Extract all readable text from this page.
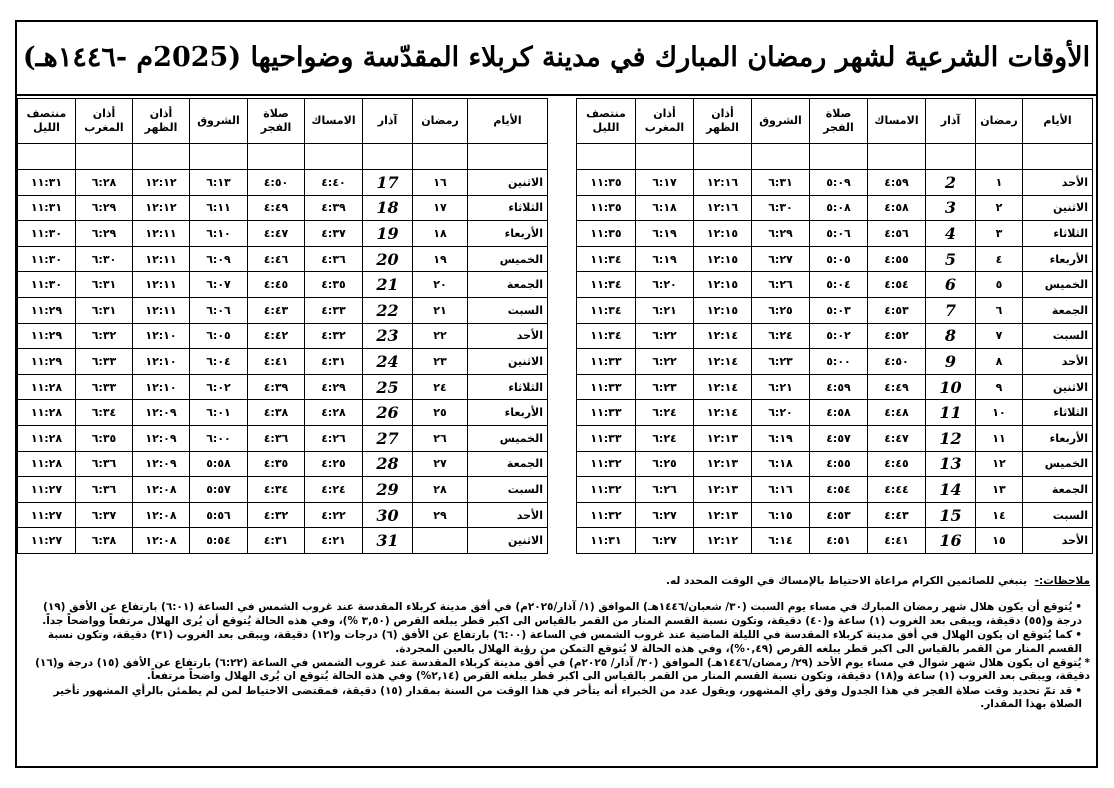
الأوقات الشرعية لشهر رمضان المبارك في مدينة كربلاء المقدّسة وضواحيها (2025م -١٤٤٦هـ)
الأيام	رمضان	آذار	الامساك	صلاة الفجر	الشروق	أذان الظهر	أذان المغرب	منتصف الليل

الأحد	١	2	٤:٥٩	٥:٠٩	٦:٣١	١٢:١٦	٦:١٧	١١:٣٥
الاثنين	٢	3	٤:٥٨	٥:٠٨	٦:٣٠	١٢:١٦	٦:١٨	١١:٣٥
الثلاثاء	٣	4	٤:٥٦	٥:٠٦	٦:٢٩	١٢:١٥	٦:١٩	١١:٣٥
الأربعاء	٤	5	٤:٥٥	٥:٠٥	٦:٢٧	١٢:١٥	٦:١٩	١١:٣٤
الخميس	٥	6	٤:٥٤	٥:٠٤	٦:٢٦	١٢:١٥	٦:٢٠	١١:٣٤
الجمعة	٦	7	٤:٥٣	٥:٠٣	٦:٢٥	١٢:١٥	٦:٢١	١١:٣٤
السبت	٧	8	٤:٥٢	٥:٠٢	٦:٢٤	١٢:١٤	٦:٢٢	١١:٣٤
الأحد	٨	9	٤:٥٠	٥:٠٠	٦:٢٣	١٢:١٤	٦:٢٢	١١:٣٣
الاثنين	٩	10	٤:٤٩	٤:٥٩	٦:٢١	١٢:١٤	٦:٢٣	١١:٣٣
الثلاثاء	١٠	11	٤:٤٨	٤:٥٨	٦:٢٠	١٢:١٤	٦:٢٤	١١:٣٣
الأربعاء	١١	12	٤:٤٧	٤:٥٧	٦:١٩	١٢:١٣	٦:٢٤	١١:٣٣
الخميس	١٢	13	٤:٤٥	٤:٥٥	٦:١٨	١٢:١٣	٦:٢٥	١١:٣٢
الجمعة	١٣	14	٤:٤٤	٤:٥٤	٦:١٦	١٢:١٣	٦:٢٦	١١:٣٢
السبت	١٤	15	٤:٤٣	٤:٥٣	٦:١٥	١٢:١٣	٦:٢٧	١١:٣٢
الأحد	١٥	16	٤:٤١	٤:٥١	٦:١٤	١٢:١٢	٦:٢٧	١١:٣١
الأيام	رمضان	آذار	الامساك	صلاة الفجر	الشروق	أذان الظهر	أذان المغرب	منتصف الليل

الاثنين	١٦	17	٤:٤٠	٤:٥٠	٦:١٣	١٢:١٢	٦:٢٨	١١:٣١
الثلاثاء	١٧	18	٤:٣٩	٤:٤٩	٦:١١	١٢:١٢	٦:٢٩	١١:٣١
الأربعاء	١٨	19	٤:٣٧	٤:٤٧	٦:١٠	١٢:١١	٦:٢٩	١١:٣٠
الخميس	١٩	20	٤:٣٦	٤:٤٦	٦:٠٩	١٢:١١	٦:٣٠	١١:٣٠
الجمعة	٢٠	21	٤:٣٥	٤:٤٥	٦:٠٧	١٢:١١	٦:٣١	١١:٣٠
السبت	٢١	22	٤:٣٣	٤:٤٣	٦:٠٦	١٢:١١	٦:٣١	١١:٢٩
الأحد	٢٢	23	٤:٣٢	٤:٤٢	٦:٠٥	١٢:١٠	٦:٣٢	١١:٢٩
الاثنين	٢٣	24	٤:٣١	٤:٤١	٦:٠٤	١٢:١٠	٦:٣٣	١١:٢٩
الثلاثاء	٢٤	25	٤:٢٩	٤:٣٩	٦:٠٢	١٢:١٠	٦:٣٣	١١:٢٨
الأربعاء	٢٥	26	٤:٢٨	٤:٣٨	٦:٠١	١٢:٠٩	٦:٣٤	١١:٢٨
الخميس	٢٦	27	٤:٢٦	٤:٣٦	٦:٠٠	١٢:٠٩	٦:٣٥	١١:٢٨
الجمعة	٢٧	28	٤:٢٥	٤:٣٥	٥:٥٨	١٢:٠٩	٦:٣٦	١١:٢٨
السبت	٢٨	29	٤:٢٤	٤:٣٤	٥:٥٧	١٢:٠٨	٦:٣٦	١١:٢٧
الأحد	٢٩	30	٤:٢٢	٤:٣٢	٥:٥٦	١٢:٠٨	٦:٣٧	١١:٢٧
الاثنين		31	٤:٢١	٤:٣١	٥:٥٤	١٢:٠٨	٦:٣٨	١١:٢٧
ملاحظات:- ينبغي للصائمين الكرام مراعاة الاحتياط بالإمساك في الوقت المحدد له.

• يُتوقع أن يكون هلال شهر رمضان المبارك في مساء يوم السبت (٣٠/ شعبان/١٤٤٦هـ) الموافق (١/ آذار/٢٠٢٥م) في أفق مدينة كربلاء المقدسة عند غروب الشمس في الساعة (٦:٠١) بارتفاع عن الأفق (١٩) درجة و(٥٥) دقيقة، ويبقى بعد الغروب (١) ساعة و(٤٠) دقيقة، وتكون نسبة القسم المنار من القمر بالقياس الى اكبر قطر يبلغه القرص (٣,٥٠ %)، وفي هذه الحالة يُتوقع أن يُرى الهلال مرتفعاً وواضحاً جداً.

• كما يُتوقع ان يكون الهلال في أفق مدينة كربلاء المقدسة في الليلة الماضية عند غروب الشمس في الساعة (٦:٠٠) بارتفاع عن الأفق (٦) درجات و(١٢) دقيقة، ويبقى بعد الغروب (٣١) دقيقة، وتكون نسبة القسم المنار من القمر بالقياس الى اكبر قطر يبلغه القرص (٠,٤٩%)، وفي هذه الحالة لا يُتوقع التمكن من رؤية الهلال بالعين المجردة.

* يُتوقع ان يكون هلال شهر شوال في مساء يوم الأحد (٢٩/ رمضان/١٤٤٦هـ) الموافق (٣٠/ آذار/ ٢٠٢٥م) في أفق مدينة كربلاء المقدسة عند غروب الشمس في الساعة (٦:٢٢) بارتفاع عن الأفق (١٥) درجة و(١٦) دقيقة، ويبقى بعد الغروب (١) ساعة و(١٨) دقيقة، وتكون نسبة القسم المنار من القمر بالقياس الى اكبر قطر يبلغه القرص (٢,١٤%) وفي هذه الحالة يُتوقع ان يُرى الهلال واضحاً مرتفعاً.

• قد تمّ تحديد وقت صلاة الفجر في هذا الجدول وفق رأي المشهور، ويقول عدد من الخبراء أنه يتأخر في هذا الوقت من السنة بمقدار (١٥) دقيقة، فمقتضى الاحتياط لمن لم يطمئن بالرأي المشهور تأخير الصلاة بهذا المقدار.
